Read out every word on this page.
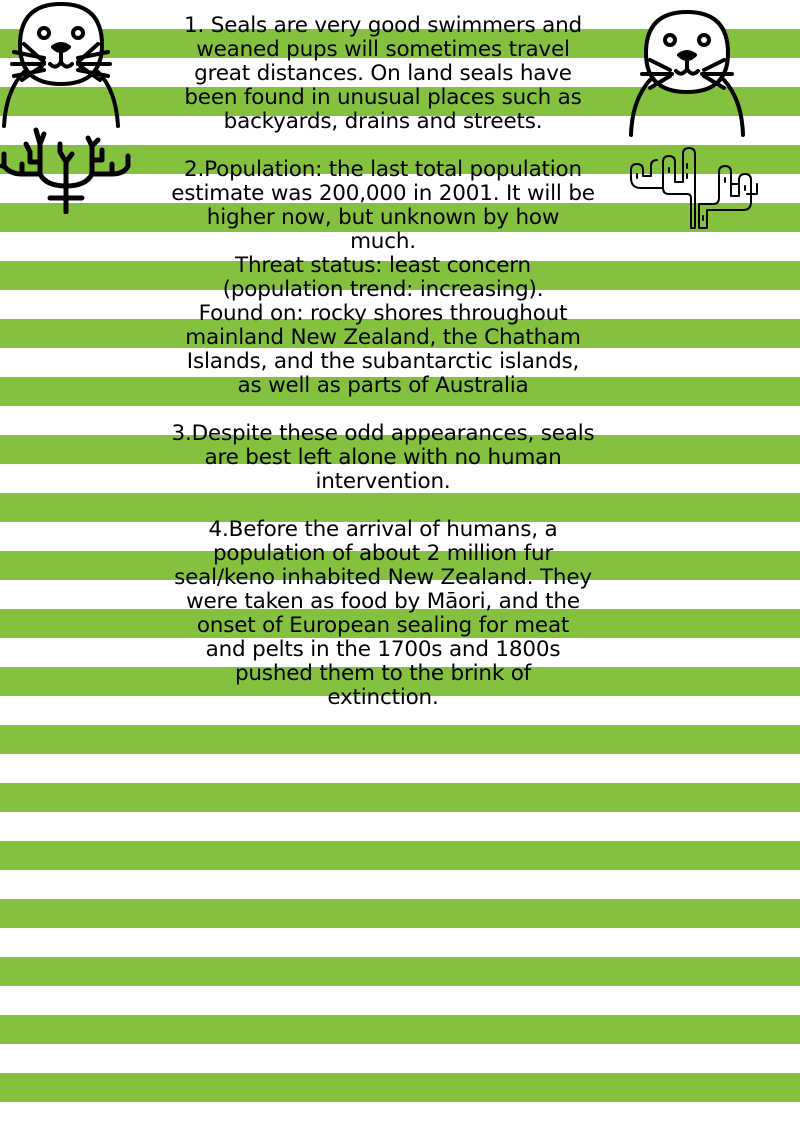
1. Seals are very good swimmers and
weaned pups will sometimes travel
great distances. On land seals have
been found in unusual places such as
backyards, drains and streets.
2.Population: the last total population
estimate was 200,000 in 2001. It will be
higher now, but unknown by how
much.
Threat status: least concern
(population trend: increasing).
Found on: rocky shores throughout
mainland New Zealand, the Chatham
Islands, and the subantarctic islands,
as well as parts of Australia
3.Despite these odd appearances, seals
are best left alone with no human
intervention.
4.Before the arrival of humans, a
population of about 2 million fur
seal/keno inhabited New Zealand. They
were taken as food by Māori, and the
onset of European sealing for meat
and pelts in the 1700s and 1800s
pushed them to the brink of
extinction.
